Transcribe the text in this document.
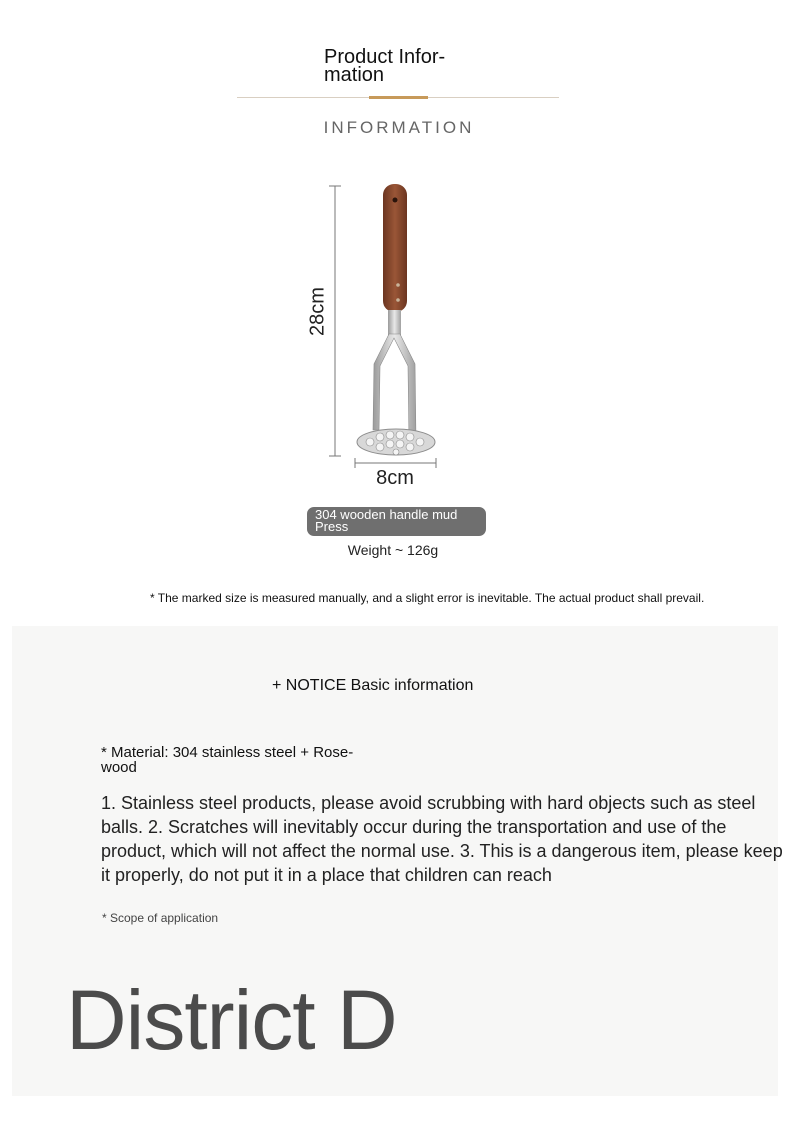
Product Infor- mation
INFORMATION
28cm
8cm
304 wooden handle mud Press
Weight ~ 126g
* The marked size is measured manually, and a slight error is inevitable. The actual product shall prevail.
+ NOTICE Basic information
* Material: 304 stainless steel + Rose- wood
1. Stainless steel products, please avoid scrubbing with hard objects such as steel balls. 2. Scratches will inevitably occur during the transportation and use of the product, which will not affect the normal use. 3. This is a dangerous item, please keep it properly, do not put it in a place that children can reach
District D
